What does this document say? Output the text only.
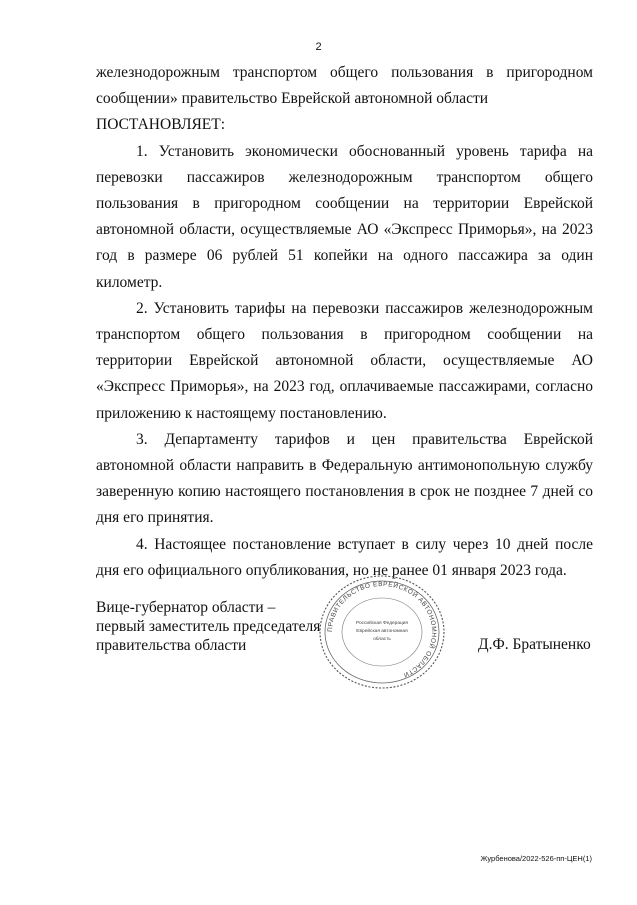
2

железнодорожным транспортом общего пользования в пригородном сообщении» правительство Еврейской автономной области

ПОСТАНОВЛЯЕТ:

1. Установить экономически обоснованный уровень тарифа на перевозки пассажиров железнодорожным транспортом общего пользования в пригородном сообщении на территории Еврейской автономной области, осуществляемые АО «Экспресс Приморья», на 2023 год в размере 06 рублей 51 копейки на одного пассажира за один километр.

2. Установить тарифы на перевозки пассажиров железнодорожным транспортом общего пользования в пригородном сообщении на территории Еврейской автономной области, осуществляемые АО «Экспресс Приморья», на 2023 год, оплачиваемые пассажирами, согласно приложению к настоящему постановлению.

3. Департаменту тарифов и цен правительства Еврейской автономной области направить в Федеральную антимонопольную службу заверенную копию настоящего постановления в срок не позднее 7 дней со дня его принятия.

4. Настоящее постановление вступает в силу через 10 дней после дня его официального опубликования, но не ранее 01 января 2023 года.

Вице-губернатор области –
первый заместитель председателя
правительства области
ПРАВИТЕЛЬСТВО ЕВРЕЙСКОЙ АВТОНОМНОЙ ОБЛАСТИ
Российская Федерация
Еврейская автономная
область	Д.Ф. Братыненко
Журбенова/2022-526-пп-ЦЕН(1)
